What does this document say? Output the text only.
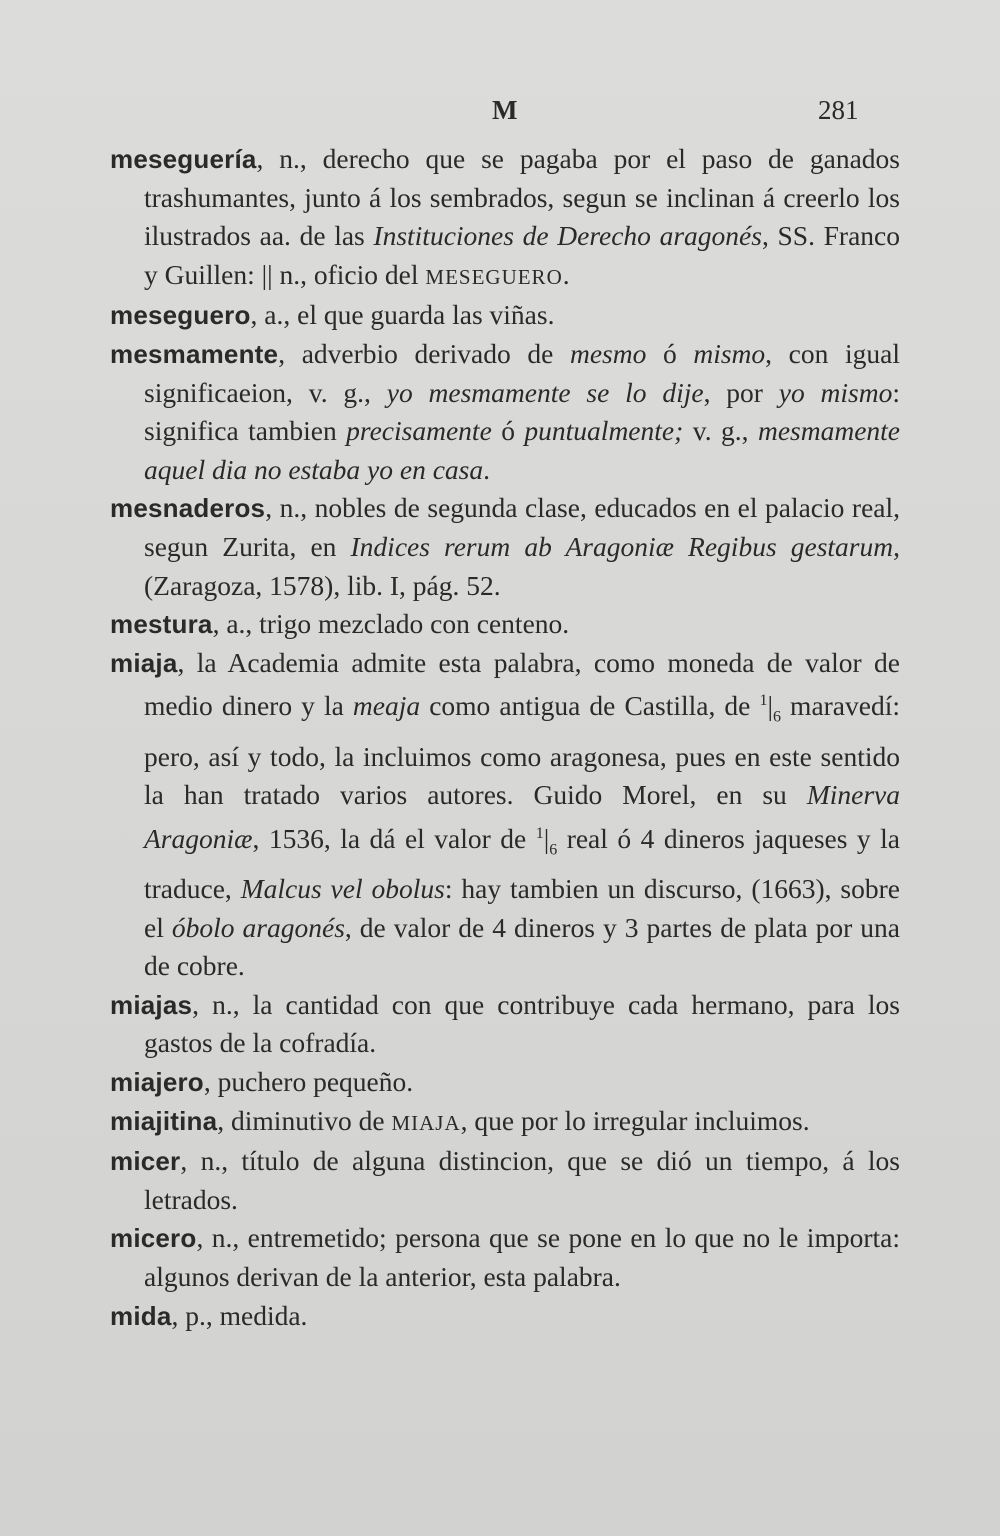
M	281

meseguería, n., derecho que se pagaba por el paso de ganados trashumantes, junto á los sembrados, segun se inclinan á creerlo los ilustrados aa. de las Instituciones de Derecho aragonés, SS. Franco y Guillen: || n., oficio del MESEGUERO.

meseguero, a., el que guarda las viñas.

mesmamente, adverbio derivado de mesmo ó mismo, con igual significaeion, v. g., yo mesmamente se lo dije, por yo mismo: significa tambien precisamente ó puntualmente; v. g., mesmamente aquel dia no estaba yo en casa.

mesnaderos, n., nobles de segunda clase, educados en el palacio real, segun Zurita, en Indices rerum ab Aragoniæ Regibus gestarum, (Zaragoza, 1578), lib. I, pág. 52.

mestura, a., trigo mezclado con centeno.

miaja, la Academia admite esta palabra, como moneda de valor de medio dinero y la meaja como antigua de Castilla, de $^1|_6$ maravedí: pero, así y todo, la incluimos como aragonesa, pues en este sentido la han tratado varios autores. Guido Morel, en su Minerva Aragoniæ, 1536, la dá el valor de $^1|_6$ real ó 4 dineros jaqueses y la traduce, Malcus vel obolus: hay tambien un discurso, (1663), sobre el óbolo aragonés, de valor de 4 dineros y 3 partes de plata por una de cobre.

miajas, n., la cantidad con que contribuye cada hermano, para los gastos de la cofradía.

miajero, puchero pequeño.

miajitina, diminutivo de MIAJA, que por lo irregular incluimos.

micer, n., título de alguna distincion, que se dió un tiempo, á los letrados.

micero, n., entremetido; persona que se pone en lo que no le importa: algunos derivan de la anterior, esta palabra.

mida, p., medida.
